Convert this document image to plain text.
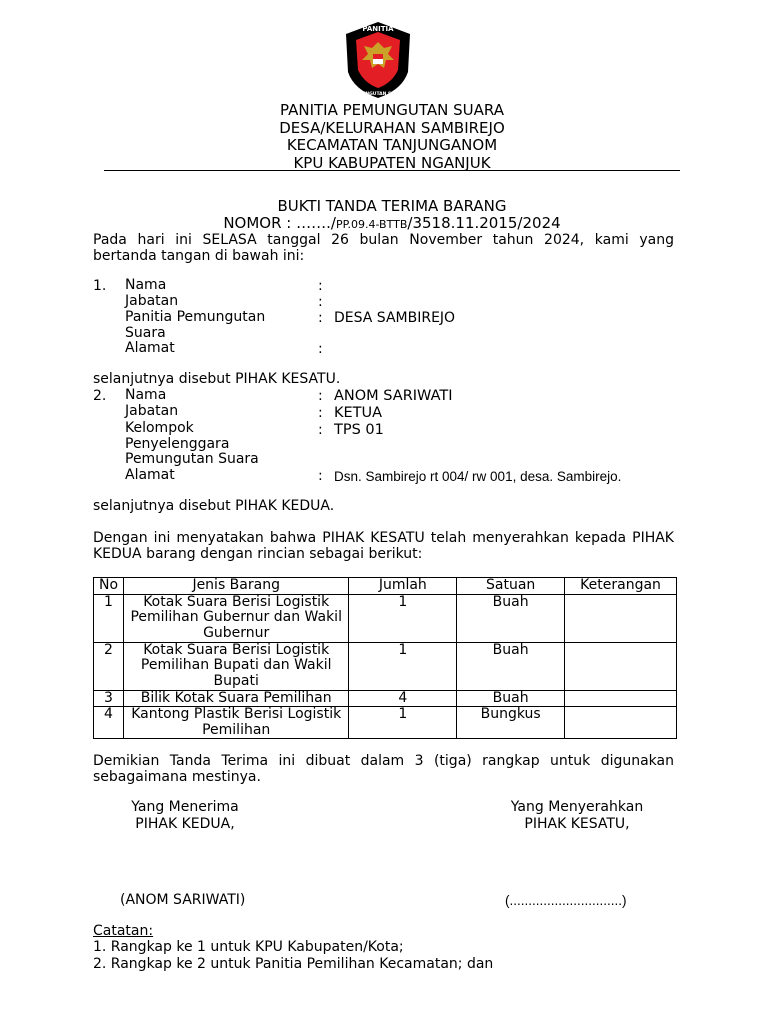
PANITIA
PEMUNGUTAN SUARA
PANITIA PEMUNGUTAN SUARA
DESA/KELURAHAN SAMBIREJO
KECAMATAN TANJUNGANOM
KPU KABUPATEN NGANJUK
BUKTI TANDA TERIMA BARANG
NOMOR : ……./PP.09.4-BTTB/3518.11.2015/2024
Pada hari ini SELASA tanggal 26 bulan November tahun 2024, kami yang bertanda tangan di bawah ini:
1. Nama	:
Jabatan	:
Panitia Pemungutan
Suara
: DESA SAMBIREJO
Alamat	:
selanjutnya disebut PIHAK KESATU.
2. Nama	: ANOM SARIWATI
Jabatan	: KETUA
Kelompok
Penyelenggara
Pemungutan Suara
: TPS 01
Alamat	: Dsn. Sambirejo rt 004/ rw 001, desa. Sambirejo.
selanjutnya disebut PIHAK KEDUA.
Dengan ini menyatakan bahwa PIHAK KESATU telah menyerahkan kepada PIHAK KEDUA barang dengan rincian sebagai berikut:
No	Jenis Barang	Jumlah	Satuan	Keterangan
1	Kotak Suara Berisi Logistik
Pemilihan Gubernur dan Wakil
Gubernur	1	Buah	
2	Kotak Suara Berisi Logistik
Pemilihan Bupati dan Wakil
Bupati	1	Buah	
3	Bilik Kotak Suara Pemilihan	4	Buah	
4	Kantong Plastik Berisi Logistik
Pemilihan	1	Bungkus	
Demikian Tanda Terima ini dibuat dalam 3 (tiga) rangkap untuk digunakan sebagaimana mestinya.
Yang Menerima
PIHAK KEDUA,
(ANOM SARIWATI)
Yang Menyerahkan
PIHAK KESATU,
(..............................)
Catatan:
1. Rangkap ke 1 untuk KPU Kabupaten/Kota;
2. Rangkap ke 2 untuk Panitia Pemilihan Kecamatan; dan
